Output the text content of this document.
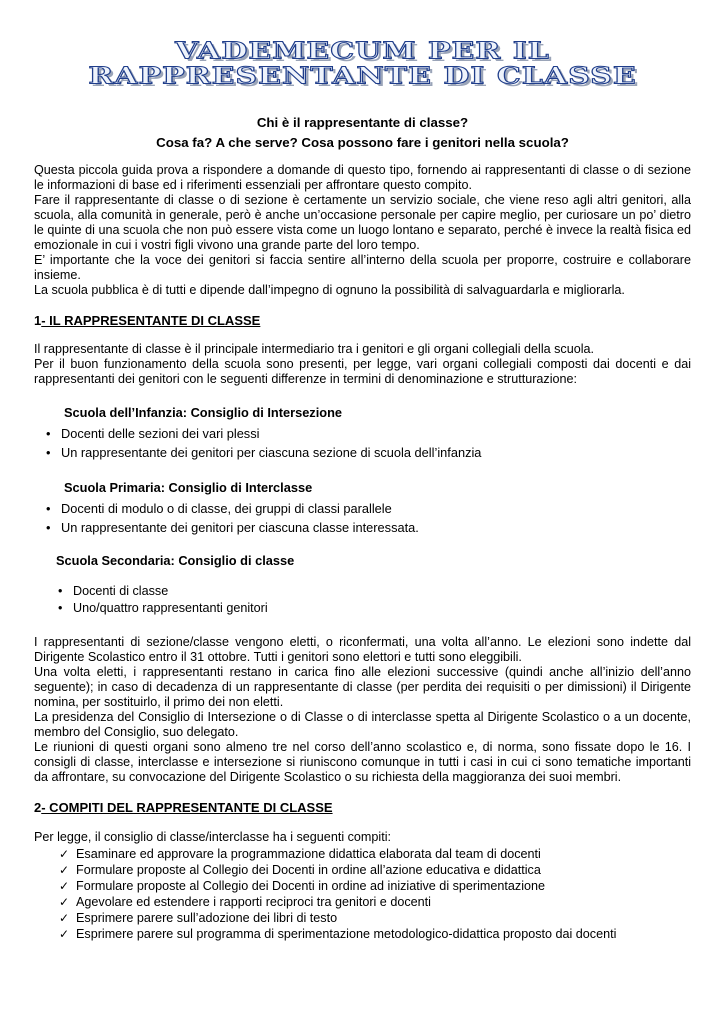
VADEMECUM PER IL
RAPPRESENTANTE DI CLASSE
Chi è il rappresentante di classe?
Cosa fa? A che serve? Cosa possono fare i genitori nella scuola?

Questa piccola guida prova a rispondere a domande di questo tipo, fornendo ai rappresentanti di classe o di sezione le informazioni di base ed i riferimenti essenziali per affrontare questo compito.

Fare il rappresentante di classe o di sezione è certamente un servizio sociale, che viene reso agli altri genitori, alla scuola, alla comunità in generale, però è anche un’occasione personale per capire meglio, per curiosare un po’ dietro le quinte di una scuola che non può essere vista come un luogo lontano e separato, perché è invece la realtà fisica ed emozionale in cui i vostri figli vivono una grande parte del loro tempo.

E’ importante che la voce dei genitori si faccia sentire all’interno della scuola per proporre, costruire e collaborare insieme.

La scuola pubblica è di tutti e dipende dall’impegno di ognuno la possibilità di salvaguardarla e migliorarla.

1- IL RAPPRESENTANTE DI CLASSE

Il rappresentante di classe è il principale intermediario tra i genitori e gli organi collegiali della scuola.

Per il buon funzionamento della scuola sono presenti, per legge, vari organi collegiali composti dai docenti e dai rappresentanti dei genitori con le seguenti differenze in termini di denominazione e strutturazione:

Scuola dell’Infanzia: Consiglio di Intersezione
• Docenti delle sezioni dei vari plessi
• Un rappresentante dei genitori per ciascuna sezione di scuola dell’infanzia
Scuola Primaria: Consiglio di Interclasse
• Docenti di modulo o di classe, dei gruppi di classi parallele
• Un rappresentante dei genitori per ciascuna classe interessata.
Scuola Secondaria: Consiglio di classe
• Docenti di classe
• Uno/quattro rappresentanti genitori

I rappresentanti di sezione/classe vengono eletti, o riconfermati, una volta all’anno. Le elezioni sono indette dal Dirigente Scolastico entro il 31 ottobre. Tutti i genitori sono elettori e tutti sono eleggibili.

Una volta eletti, i rappresentanti restano in carica fino alle elezioni successive (quindi anche all’inizio dell’anno seguente); in caso di decadenza di un rappresentante di classe (per perdita dei requisiti o per dimissioni) il Dirigente nomina, per sostituirlo, il primo dei non eletti.

La presidenza del Consiglio di Intersezione o di Classe o di interclasse spetta al Dirigente Scolastico o a un docente, membro del Consiglio, suo delegato.

Le riunioni di questi organi sono almeno tre nel corso dell’anno scolastico e, di norma, sono fissate dopo le 16. I consigli di classe, interclasse e intersezione si riuniscono comunque in tutti i casi in cui ci sono tematiche importanti da affrontare, su convocazione del Dirigente Scolastico o su richiesta della maggioranza dei suoi membri.

2- COMPITI DEL RAPPRESENTANTE DI CLASSE

Per legge, il consiglio di classe/interclasse ha i seguenti compiti:

✓ Esaminare ed approvare la programmazione didattica elaborata dal team di docenti
✓ Formulare proposte al Collegio dei Docenti in ordine all’azione educativa e didattica
✓ Formulare proposte al Collegio dei Docenti in ordine ad iniziative di sperimentazione
✓ Agevolare ed estendere i rapporti reciproci tra genitori e docenti
✓ Esprimere parere sull’adozione dei libri di testo
✓ Esprimere parere sul programma di sperimentazione metodologico-didattica proposto dai docenti
